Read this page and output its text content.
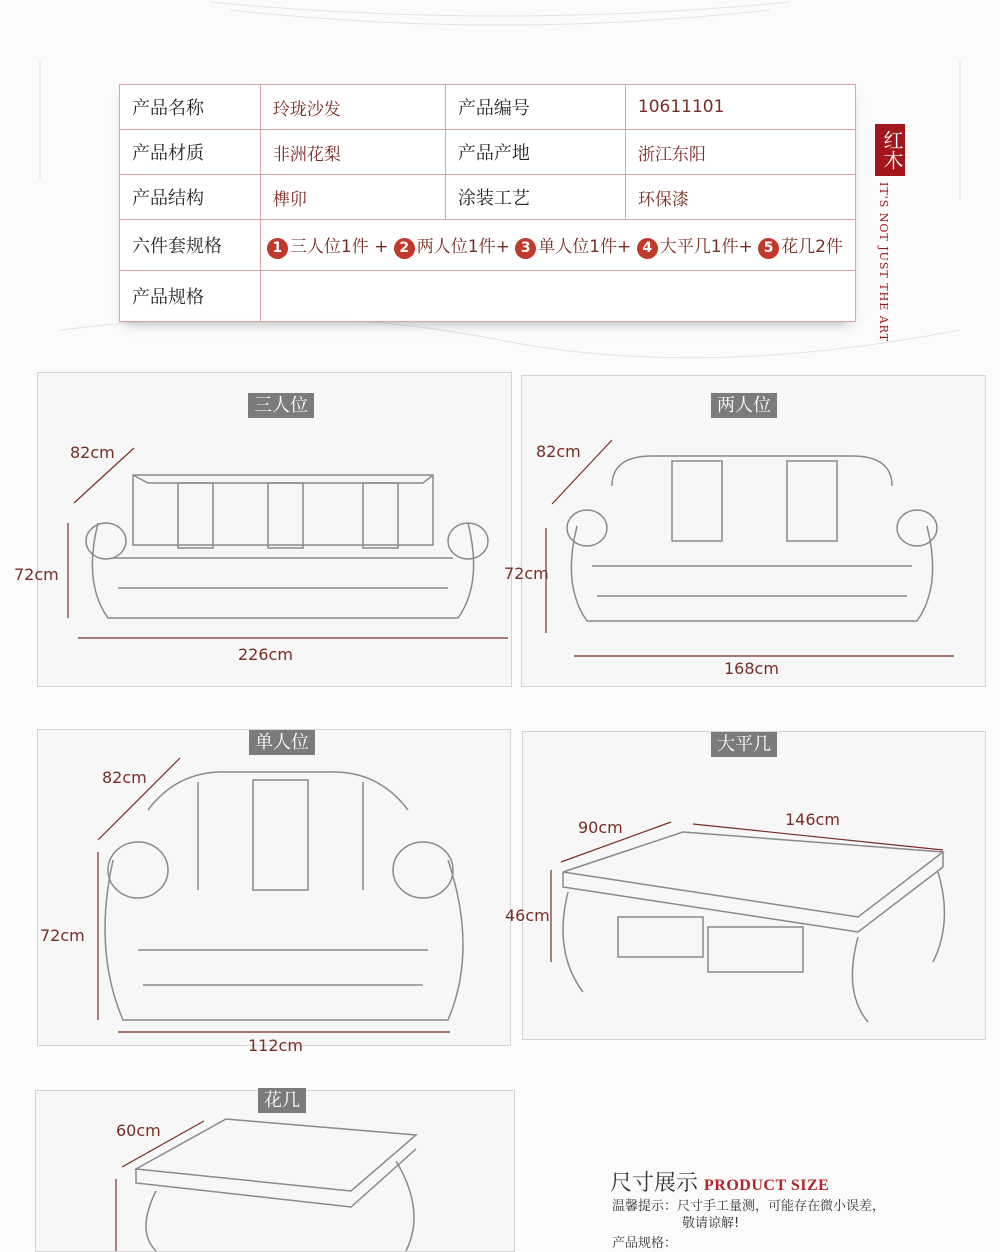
产品名称	玲珑沙发	产品编号	10611101
产品材质	非洲花梨	产品产地	浙江东阳
产品结构	榫卯	涂装工艺	环保漆
六件套规格	1 三人位1件 + 2 两人位1件+ 3 单人位1件+ 4 大平几1件+ 5 花几2件		
产品规格			
红木
IT'S NOT JUST THE ART
三人位
82cm
72cm
226cm
两人位
82cm
72cm
168cm
单人位
82cm
72cm
112cm
大平几
90cm	146cm
46cm
花几
60cm
尺寸展示 PRODUCT SIZE
温馨提示：尺寸手工量测，可能存在微小误差，
敬请谅解!
产品规格：
